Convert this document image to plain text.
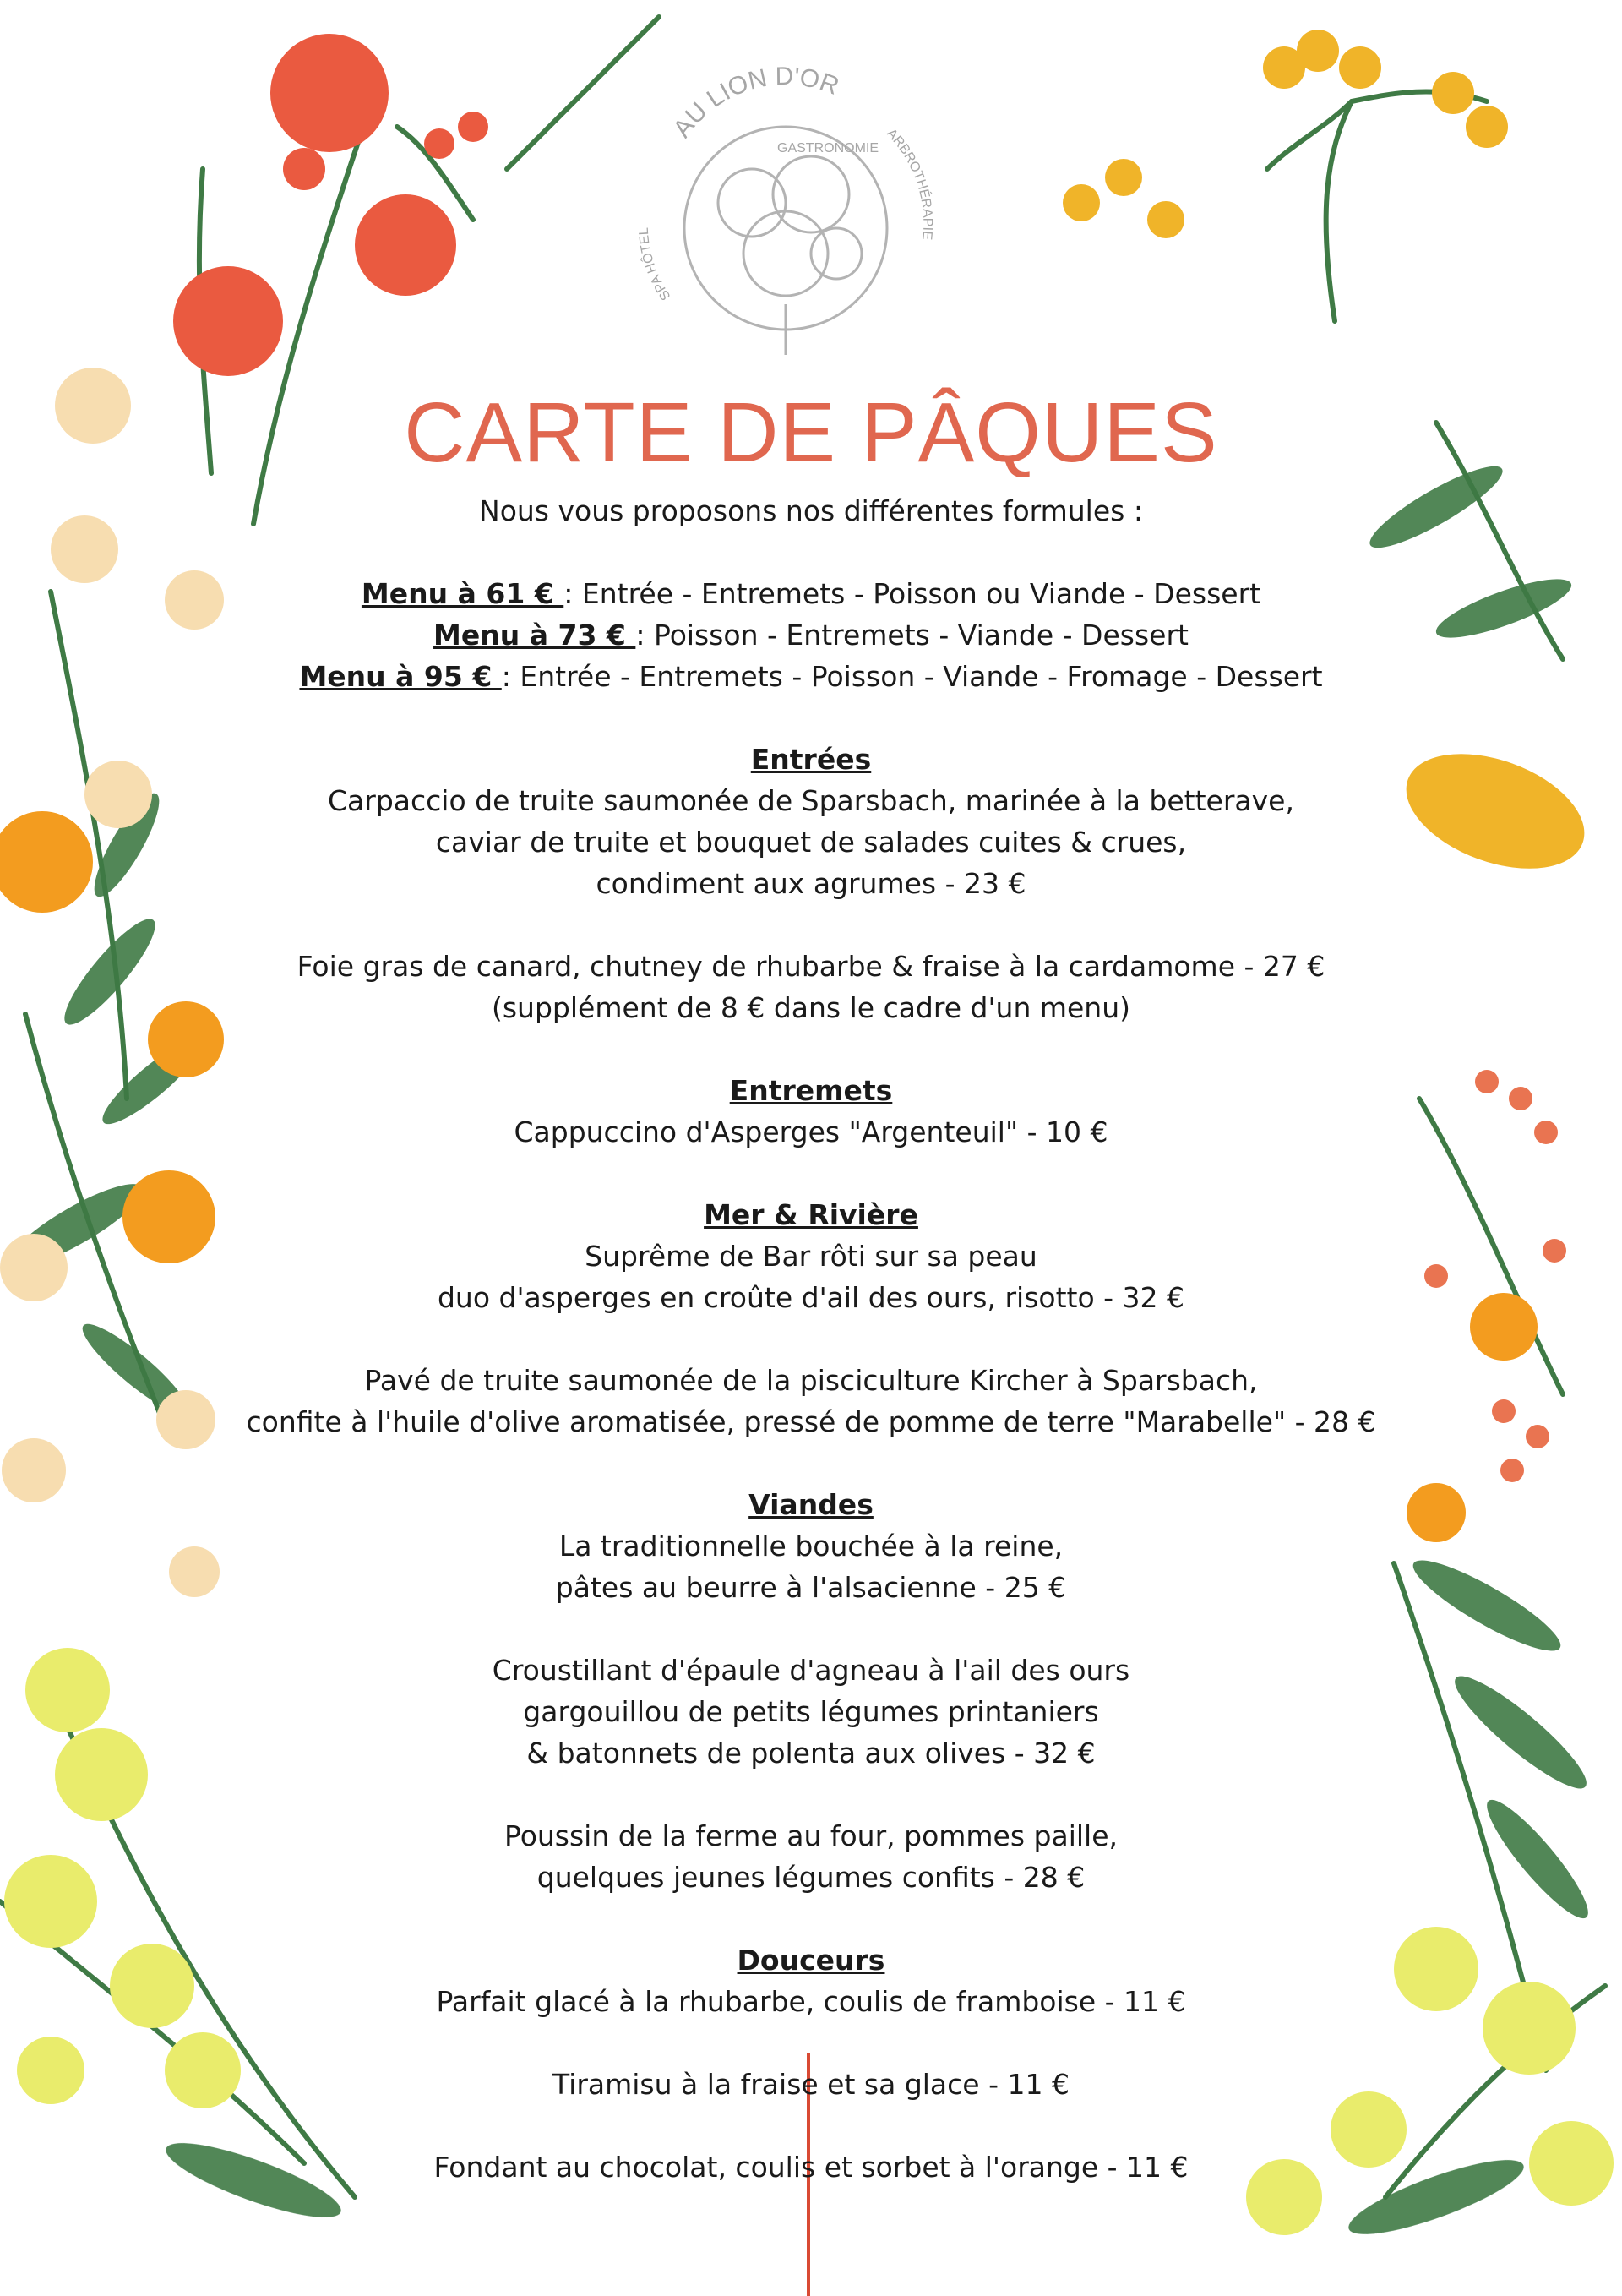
AU LION D'OR
SPA HÔTEL
ARBROTHÉRAPIE
GASTRONOMIE
CARTE DE PÂQUES
Nous vous proposons nos différentes formules :
Menu à 61 € : Entrée - Entremets - Poisson ou Viande - Dessert
Menu à 73 € : Poisson - Entremets - Viande - Dessert
Menu à 95 € : Entrée - Entremets - Poisson - Viande - Fromage - Dessert
Entrées
Carpaccio de truite saumonée de Sparsbach, marinée à la betterave,
caviar de truite et bouquet de salades cuites & crues,
condiment aux agrumes - 23 €
Foie gras de canard, chutney de rhubarbe & fraise à la cardamome - 27 €
(supplément de 8 € dans le cadre d'un menu)
Entremets
Cappuccino d'Asperges "Argenteuil" - 10 €
Mer & Rivière
Suprême de Bar rôti sur sa peau
duo d'asperges en croûte d'ail des ours, risotto - 32 €
Pavé de truite saumonée de la pisciculture Kircher à Sparsbach,
confite à l'huile d'olive aromatisée, pressé de pomme de terre "Marabelle" - 28 €
Viandes
La traditionnelle bouchée à la reine,
pâtes au beurre à l'alsacienne - 25 €
Croustillant d'épaule d'agneau à l'ail des ours
gargouillou de petits légumes printaniers
& batonnets de polenta aux olives - 32 €
Poussin de la ferme au four, pommes paille,
quelques jeunes légumes confits - 28 €
Douceurs
Parfait glacé à la rhubarbe, coulis de framboise - 11 €
Tiramisu à la fraise et sa glace - 11 €
Fondant au chocolat, coulis et sorbet à l'orange - 11 €
